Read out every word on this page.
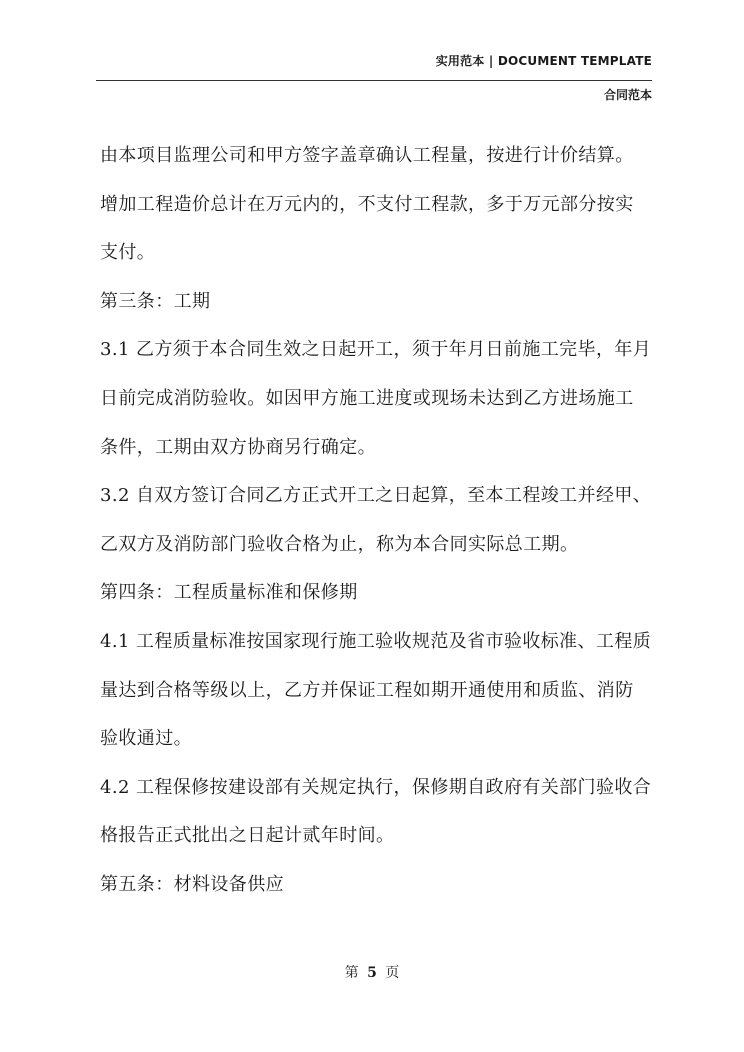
实用范本 | DOCUMENT TEMPLATE
合同范本
由本项目监理公司和甲方签字盖章确认工程量，按进行计价结算。
增加工程造价总计在万元内的，不支付工程款，多于万元部分按实
支付。
第三条：工期
3.1 乙方须于本合同生效之日起开工，须于年月日前施工完毕，年月
日前完成消防验收。如因甲方施工进度或现场未达到乙方进场施工
条件，工期由双方协商另行确定。
3.2 自双方签订合同乙方正式开工之日起算，至本工程竣工并经甲、
乙双方及消防部门验收合格为止，称为本合同实际总工期。
第四条：工程质量标准和保修期
4.1 工程质量标准按国家现行施工验收规范及省市验收标准、工程质
量达到合格等级以上，乙方并保证工程如期开通使用和质监、消防
验收通过。
4.2 工程保修按建设部有关规定执行，保修期自政府有关部门验收合
格报告正式批出之日起计贰年时间。
第五条：材料设备供应
第 5 页
